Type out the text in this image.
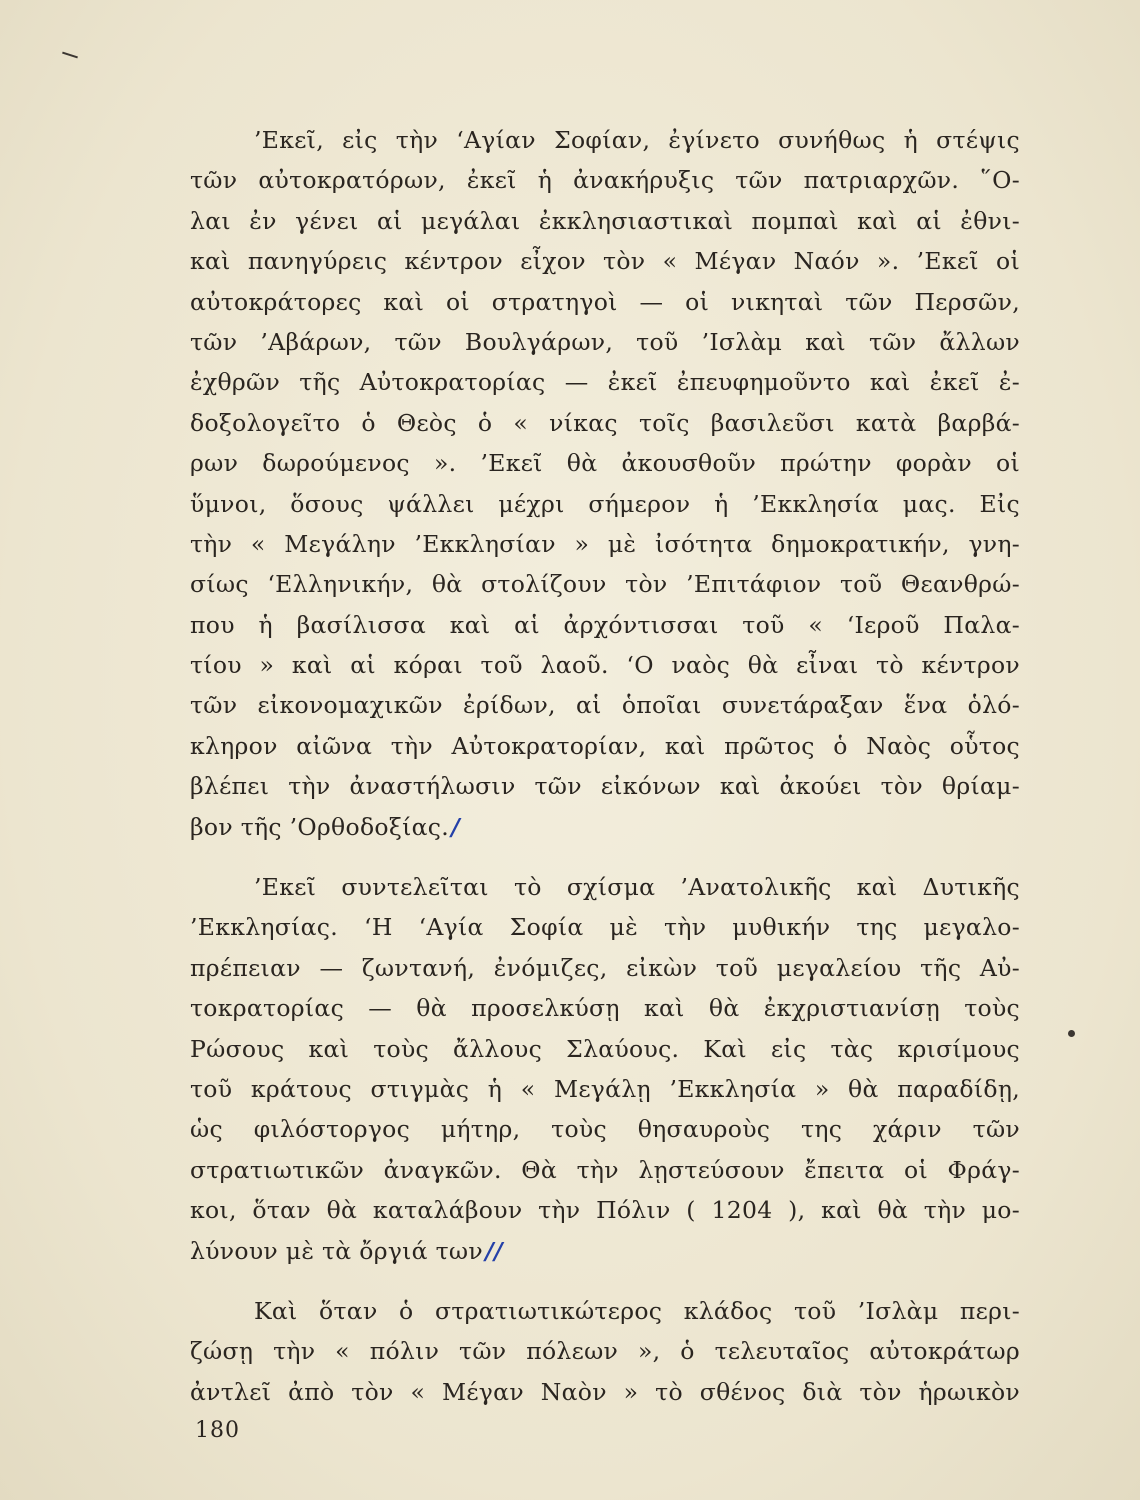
’Εκεῖ, εἰς τὴν ‘Αγίαν Σοφίαν, ἐγίνετο συνήθως ἡ στέψις
τῶν αὐτοκρατόρων, ἐκεῖ ἡ ἀνακήρυξις τῶν πατριαρχῶν. ῞Ο-
λαι ἐν γένει αἱ μεγάλαι ἐκκλησιαστικαὶ πομπαὶ καὶ αἱ ἐθνι-
καὶ πανηγύρεις κέντρον εἶχον τὸν « Μέγαν Ναόν ». ’Εκεῖ οἱ
αὐτοκράτορες καὶ οἱ στρατηγοὶ — οἱ νικηταὶ τῶν Περσῶν,
τῶν ’Αβάρων, τῶν Βουλγάρων, τοῦ ’Ισλὰμ καὶ τῶν ἄλλων
ἐχθρῶν τῆς Αὐτοκρατορίας — ἐκεῖ ἐπευφημοῦντο καὶ ἐκεῖ ἐ-
δοξολογεῖτο ὁ Θεὸς ὁ « νίκας τοῖς βασιλεῦσι κατὰ βαρβά-
ρων δωρούμενος ». ’Εκεῖ θὰ ἀκουσθοῦν πρώτην φορὰν οἱ
ὕμνοι, ὅσους ψάλλει μέχρι σήμερον ἡ ’Εκκλησία μας. Εἰς
τὴν « Μεγάλην ’Εκκλησίαν » μὲ ἰσότητα δημοκρατικήν, γνη-
σίως ‘Ελληνικήν, θὰ στολίζουν τὸν ’Επιτάφιον τοῦ Θεανθρώ-
που ἡ βασίλισσα καὶ αἱ ἀρχόντισσαι τοῦ « ‘Ιεροῦ Παλα-
τίου » καὶ αἱ κόραι τοῦ λαοῦ. ‘Ο ναὸς θὰ εἶναι τὸ κέντρον
τῶν εἰκονομαχικῶν ἐρίδων, αἱ ὁποῖαι συνετάραξαν ἕνα ὁλό-
κληρον αἰῶνα τὴν Αὐτοκρατορίαν, καὶ πρῶτος ὁ Ναὸς οὗτος
βλέπει τὴν ἀναστήλωσιν τῶν εἰκόνων καὶ ἀκούει τὸν θρίαμ-
βον τῆς ’Ορθοδοξίας./
’Εκεῖ συντελεῖται τὸ σχίσμα ’Ανατολικῆς καὶ Δυτικῆς
’Εκκλησίας. ‘Η ‘Αγία Σοφία μὲ τὴν μυθικήν της μεγαλο-
πρέπειαν — ζωντανή, ἐνόμιζες, εἰκὼν τοῦ μεγαλείου τῆς Αὐ-
τοκρατορίας — θὰ προσελκύσῃ καὶ θὰ ἐκχριστιανίσῃ τοὺς
Ρώσους καὶ τοὺς ἄλλους Σλαύους. Καὶ εἰς τὰς κρισίμους
τοῦ κράτους στιγμὰς ἡ « Μεγάλῃ ’Εκκλησία » θὰ παραδίδῃ,
ὡς φιλόστοργος μήτηρ, τοὺς θησαυροὺς της χάριν τῶν
στρατιωτικῶν ἀναγκῶν. Θὰ τὴν λῃστεύσουν ἔπειτα οἱ Φράγ-
κοι, ὅταν θὰ καταλάβουν τὴν Πόλιν ( 1204 ), καὶ θὰ τὴν μο-
λύνουν μὲ τὰ ὄργιά των//
Καὶ ὅταν ὁ στρατιωτικώτερος κλάδος τοῦ ’Ισλὰμ περι-
ζώσῃ τὴν « πόλιν τῶν πόλεων », ὁ τελευταῖος αὐτοκράτωρ
ἀντλεῖ ἀπὸ τὸν « Μέγαν Ναὸν » τὸ σθένος διὰ τὸν ἡρωικὸν
180
